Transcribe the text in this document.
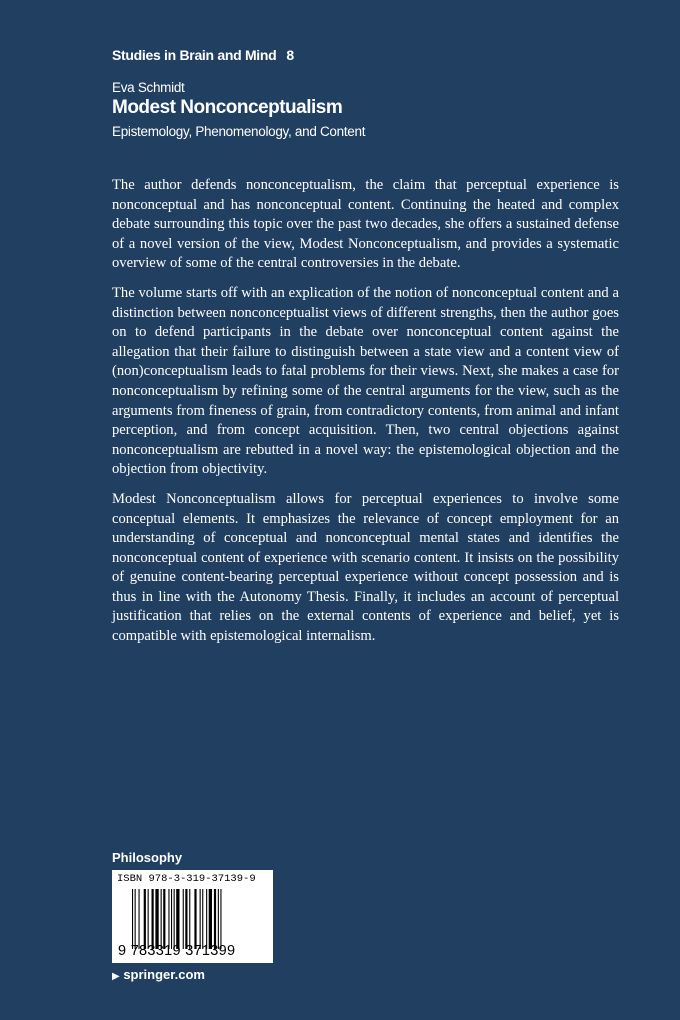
Studies in Brain and Mind 8
Eva Schmidt
Modest Nonconceptualism
Epistemology, Phenomenology, and Content

The author defends nonconceptualism, the claim that perceptual experience is nonconceptual and has nonconceptual content. Continuing the heated and complex debate surrounding this topic over the past two decades, she offers a sustained defense of a novel version of the view, Modest Nonconceptualism, and provides a systematic overview of some of the central controversies in the debate.

The volume starts off with an explication of the notion of nonconceptual content and a distinction between nonconceptualist views of different strengths, then the author goes on to defend participants in the debate over nonconceptual content against the allegation that their failure to distinguish between a state view and a content view of (non)conceptualism leads to fatal problems for their views. Next, she makes a case for nonconceptualism by refining some of the central arguments for the view, such as the arguments from fineness of grain, from contradictory contents, from animal and infant perception, and from concept acquisition. Then, two central objections against nonconceptualism are rebutted in a novel way: the epistemological objection and the objection from objectivity.

Modest Nonconceptualism allows for perceptual experiences to involve some conceptual elements. It emphasizes the relevance of concept employment for an understanding of conceptual and nonconceptual mental states and identifies the nonconceptual content of experience with scenario content. It insists on the possibility of genuine content-bearing perceptual experience without concept possession and is thus in line with the Autonomy Thesis. Finally, it includes an account of perceptual justification that relies on the external contents of experience and belief, yet is compatible with epistemological internalism.

Philosophy
ISBN 978-3-319-37139-9
9 783319 371399
▶ springer.com
